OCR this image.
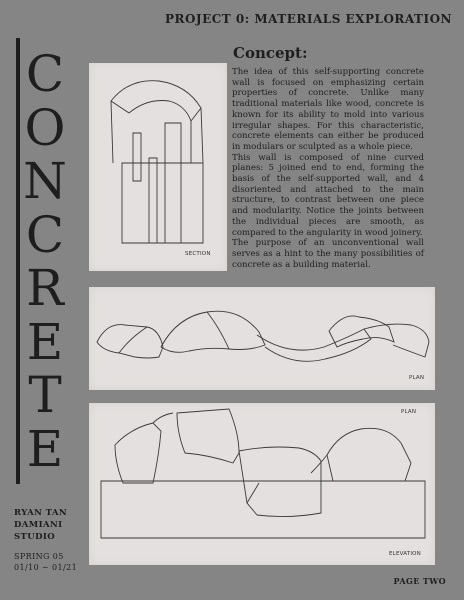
PROJECT 0: MATERIALS EXPLORATION
C
O
N
C
R
E
T
E
RYAN TAN
DAMIANI
STUDIO
SPRING 05
01/10 ~ 01/21
SECTION
Concept:

The idea of this self-supporting concrete wall is focused on emphasizing certain properties of concrete. Unlike many traditional materials like wood, concrete is known for its ability to mold into various irregular shapes. For this characteristic, concrete elements can either be produced in modulars or sculpted as a whole piece.

This wall is composed of nine curved planes: 5 joined end to end, forming the basis of the self-supported wall, and 4 disoriented and attached to the main structure, to contrast between one piece and modularity. Notice the joints between the individual pieces are smooth, as compared to the angularity in wood joinery.

The purpose of an unconventional wall serves as a hint to the many possibilities of concrete as a building material.

PLAN
PLAN
ELEVATION
PAGE TWO
